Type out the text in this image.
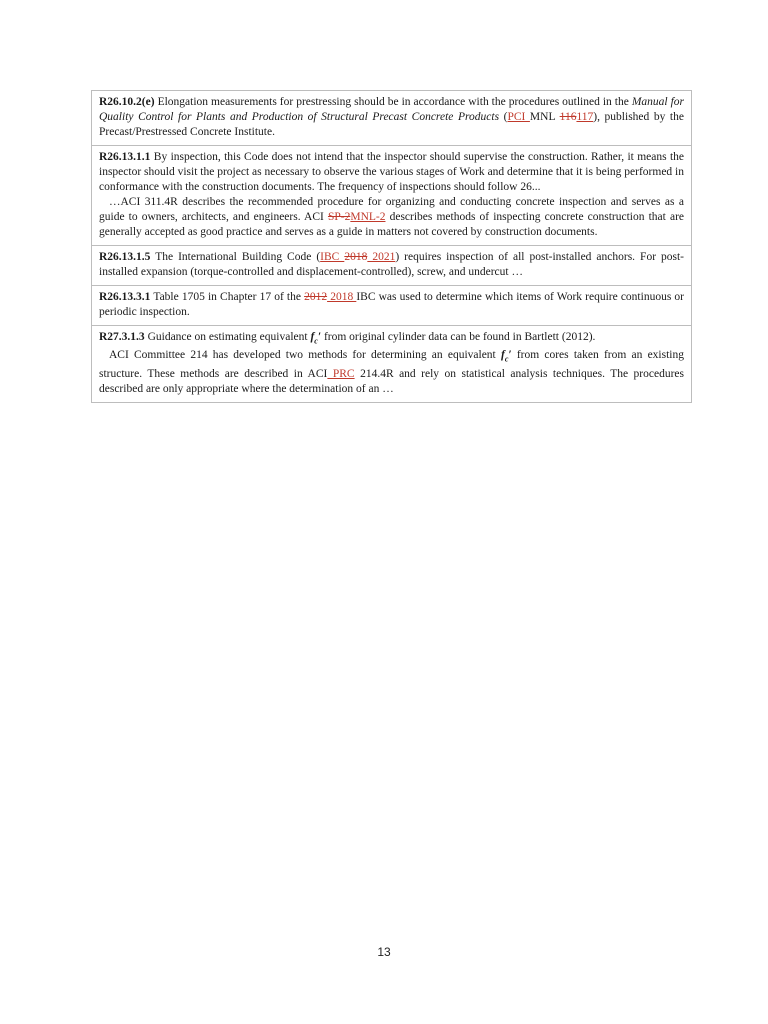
R26.10.2(e) Elongation measurements for prestressing should be in accordance with the procedures outlined in the Manual for Quality Control for Plants and Production of Structural Precast Concrete Products (PCI MNL 116117), published by the Precast/Prestressed Concrete Institute.

R26.13.1.1 By inspection, this Code does not intend that the inspector should supervise the construction. Rather, it means the inspector should visit the project as necessary to observe the various stages of Work and determine that it is being performed in conformance with the construction documents. The frequency of inspections should follow 26...

…ACI 311.4R describes the recommended procedure for organizing and conducting concrete inspection and serves as a guide to owners, architects, and engineers. ACI SP-2MNL-2 describes methods of inspecting concrete construction that are generally accepted as good practice and serves as a guide in matters not covered by construction documents.

R26.13.1.5 The International Building Code (IBC 2018 2021) requires inspection of all post-installed anchors. For post-installed expansion (torque-controlled and displacement-controlled), screw, and undercut …

R26.13.3.1 Table 1705 in Chapter 17 of the 2012 2018 IBC was used to determine which items of Work require continuous or periodic inspection.

R27.3.1.3 Guidance on estimating equivalent $f_c'$ from original cylinder data can be found in Bartlett (2012).

ACI Committee 214 has developed two methods for determining an equivalent $f_c'$ from cores taken from an existing structure. These methods are described in ACI PRC 214.4R and rely on statistical analysis techniques. The procedures described are only appropriate where the determination of an …

13
